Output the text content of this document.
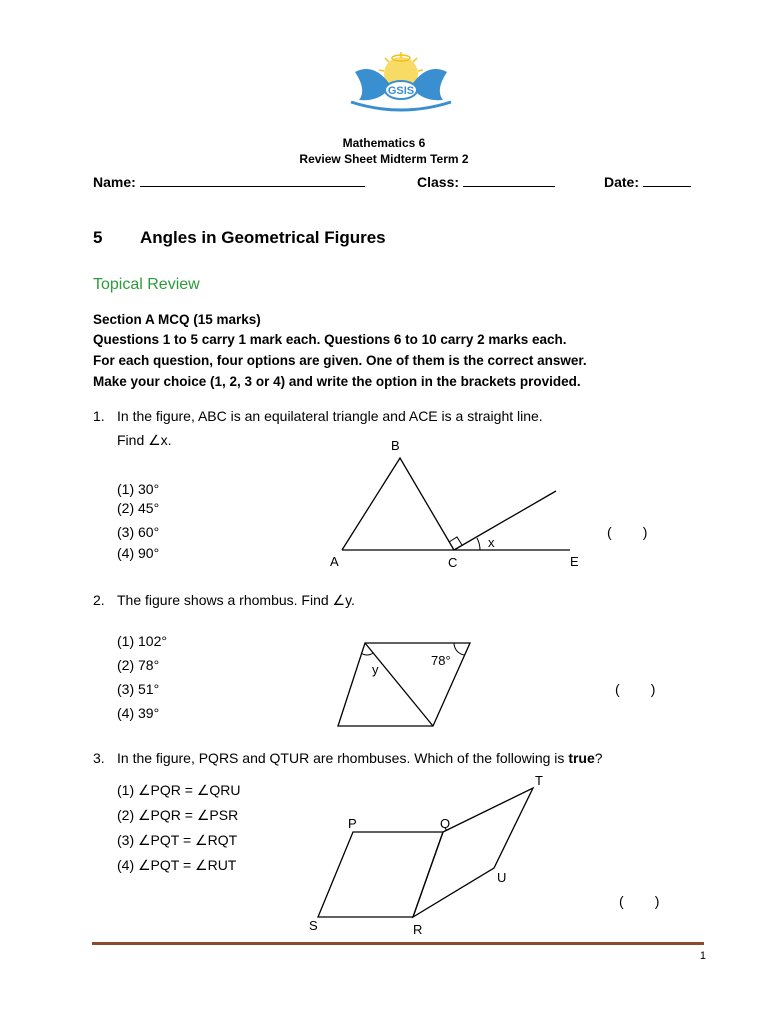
GSIS
Mathematics 6
Review Sheet Midterm Term 2
Name:	Class:	Date:
5 Angles in Geometrical Figures
Topical Review
Section A MCQ (15 marks)
Questions 1 to 5 carry 1 mark each. Questions 6 to 10 carry 2 marks each.
For each question, four options are given. One of them is the correct answer.
Make your choice (1, 2, 3 or 4) and write the option in the brackets provided.
1. In the figure, ABC is an equilateral triangle and ACE is a straight line.
Find ∠x.
(1) 30°
(2) 45°
(3) 60°
(4) 90°
(        )
B
A	C	E
x
2. The figure shows a rhombus. Find ∠y.
(1) 102°
(2) 78°
(3) 51°
(4) 39°
(        )
y
78°
3. In the figure, PQRS and QTUR are rhombuses. Which of the following is true?
(1) ∠PQR = ∠QRU
(2) ∠PQR = ∠PSR
(3) ∠PQT = ∠RQT
(4) ∠PQT = ∠RUT
(        )
P	Q
T
U
S	R
1
